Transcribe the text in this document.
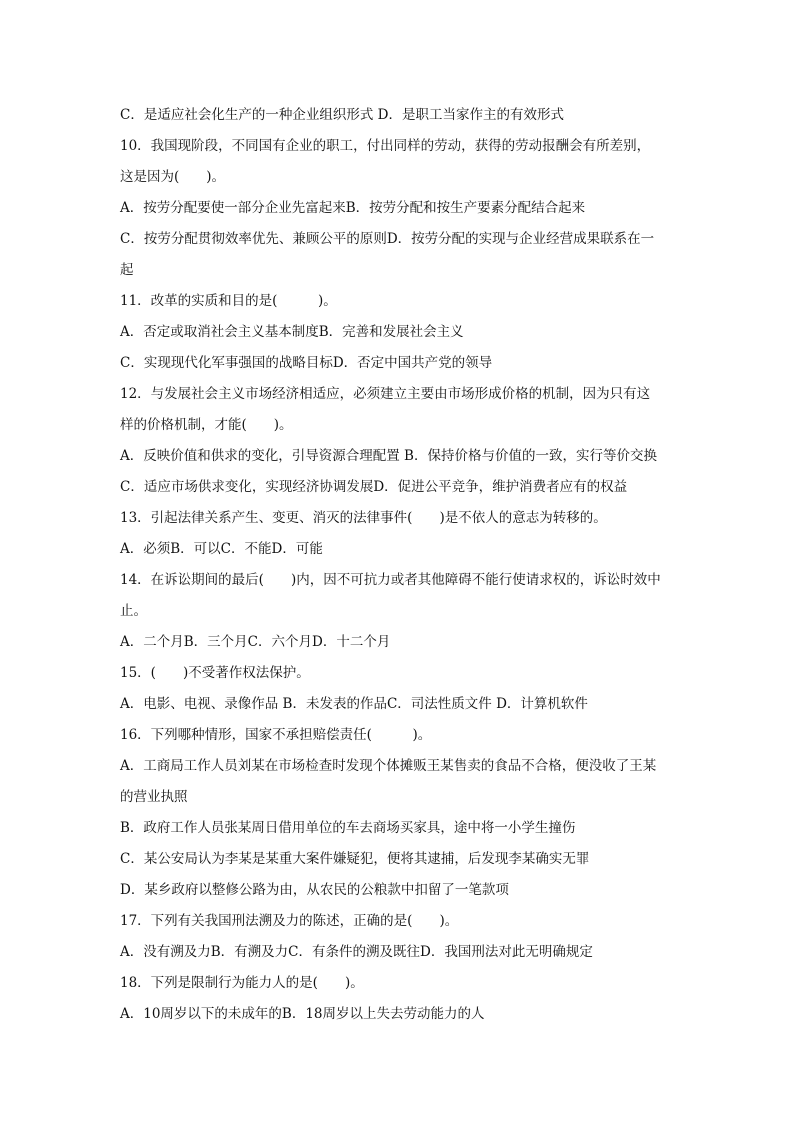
C．是适应社会化生产的一种企业组织形式 D．是职工当家作主的有效形式
10．我国现阶段，不同国有企业的职工，付出同样的劳动，获得的劳动报酬会有所差别，
这是因为(　　)。
A．按劳分配要使一部分企业先富起来B．按劳分配和按生产要素分配结合起来
C．按劳分配贯彻效率优先、兼顾公平的原则D．按劳分配的实现与企业经营成果联系在一
起
11．改革的实质和目的是(　　　)。
A．否定或取消社会主义基本制度B．完善和发展社会主义
C．实现现代化军事强国的战略目标D．否定中国共产党的领导
12．与发展社会主义市场经济相适应，必须建立主要由市场形成价格的机制，因为只有这
样的价格机制，才能(　　)。
A．反映价值和供求的变化，引导资源合理配置 B．保持价格与价值的一致，实行等价交换
C．适应市场供求变化，实现经济协调发展D．促进公平竞争，维护消费者应有的权益
13．引起法律关系产生、变更、消灭的法律事件(　　)是不依人的意志为转移的。
A．必须B．可以C．不能D．可能
14．在诉讼期间的最后(　　)内，因不可抗力或者其他障碍不能行使请求权的，诉讼时效中
止。
A．二个月B．三个月C．六个月D．十二个月
15．(　　)不受著作权法保护。
A．电影、电视、录像作品 B．未发表的作品C．司法性质文件 D．计算机软件
16．下列哪种情形，国家不承担赔偿责任(　　　)。
A．工商局工作人员刘某在市场检查时发现个体摊贩王某售卖的食品不合格，便没收了王某
的营业执照
B．政府工作人员张某周日借用单位的车去商场买家具，途中将一小学生撞伤
C．某公安局认为李某是某重大案件嫌疑犯，便将其逮捕，后发现李某确实无罪
D．某乡政府以整修公路为由，从农民的公粮款中扣留了一笔款项
17．下列有关我国刑法溯及力的陈述，正确的是(　　)。
A．没有溯及力B．有溯及力C．有条件的溯及既往D．我国刑法对此无明确规定
18．下列是限制行为能力人的是(　　)。
A．10周岁以下的未成年的B．18周岁以上失去劳动能力的人
